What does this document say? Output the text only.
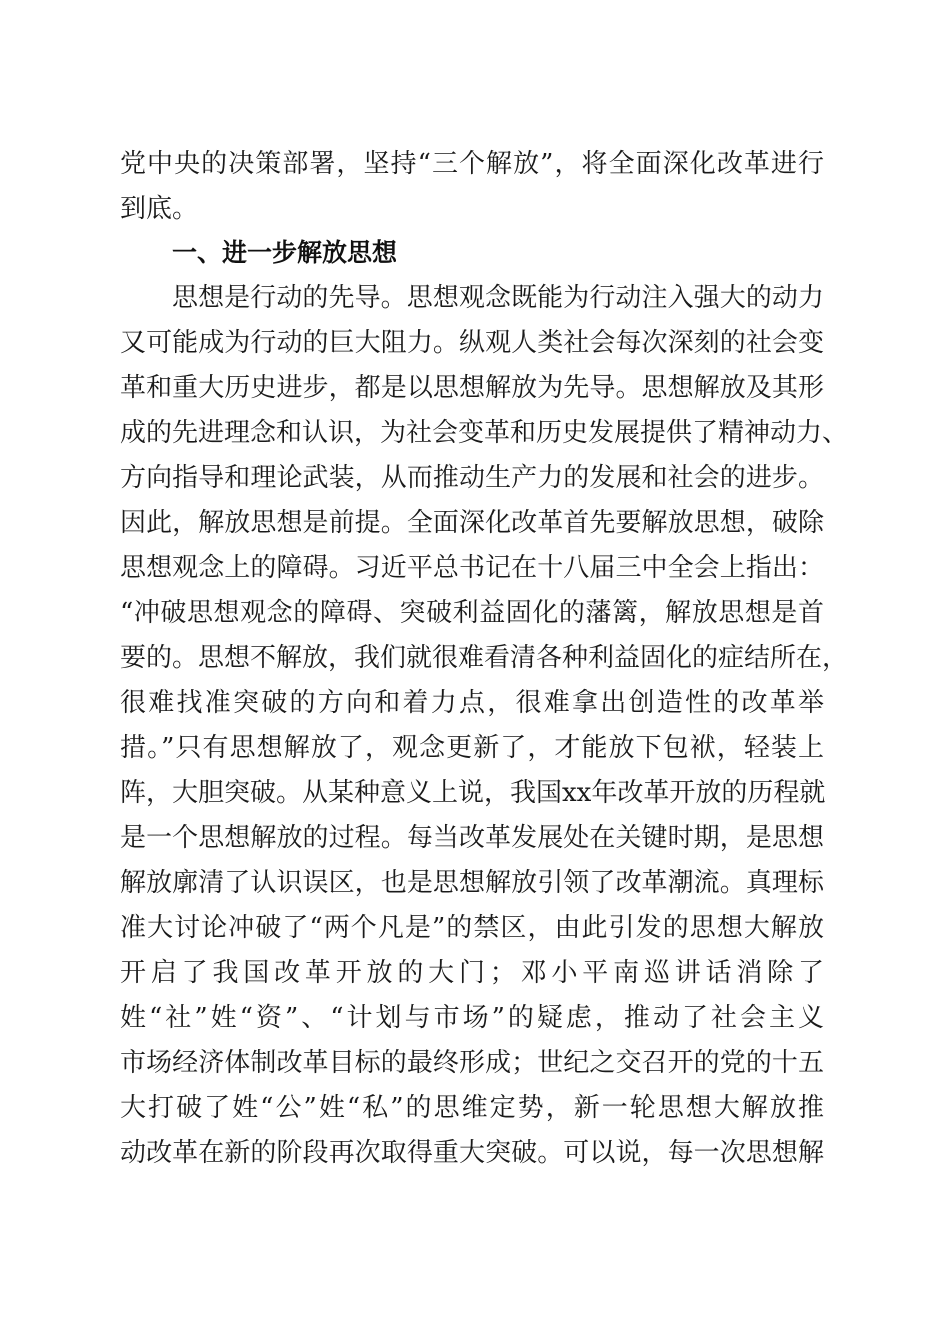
党中央的决策部署，坚持“三个解放”，将全面深化改革进行
到底。
一、进一步解放思想
思想是行动的先导。思想观念既能为行动注入强大的动力
又可能成为行动的巨大阻力。纵观人类社会每次深刻的社会变
革和重大历史进步，都是以思想解放为先导。思想解放及其形
成的先进理念和认识，为社会变革和历史发展提供了精神动力、
方向指导和理论武装，从而推动生产力的发展和社会的进步。
因此，解放思想是前提。全面深化改革首先要解放思想，破除
思想观念上的障碍。习近平总书记在十八届三中全会上指出：
“冲破思想观念的障碍、突破利益固化的藩篱，解放思想是首
要的。思想不解放，我们就很难看清各种利益固化的症结所在，
很难找准突破的方向和着力点，很难拿出创造性的改革举
措。”只有思想解放了，观念更新了，才能放下包袱，轻装上
阵，大胆突破。从某种意义上说，我国xx年改革开放的历程就
是一个思想解放的过程。每当改革发展处在关键时期，是思想
解放廓清了认识误区，也是思想解放引领了改革潮流。真理标
准大讨论冲破了“两个凡是”的禁区，由此引发的思想大解放
开启了我国改革开放的大门；邓小平南巡讲话消除了
姓“社”姓“资”、“计划与市场”的疑虑，推动了社会主义
市场经济体制改革目标的最终形成；世纪之交召开的党的十五
大打破了姓“公”姓“私”的思维定势，新一轮思想大解放推
动改革在新的阶段再次取得重大突破。可以说，每一次思想解
